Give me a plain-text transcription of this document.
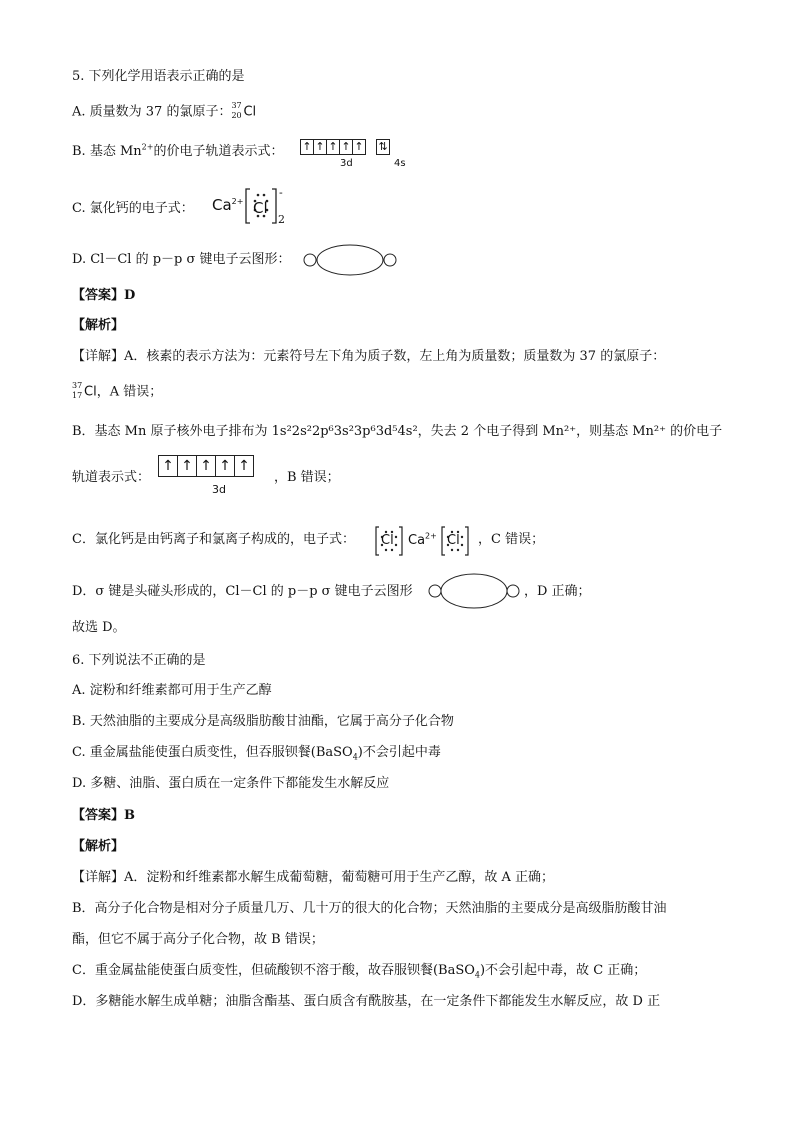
5. 下列化学用语表示正确的是
A. 质量数为 37 的氯原子： 37
20 Cl
B. 基态 $Mn^{2+}$的价电子轨道表示式： ↑ ↑ ↑ ↑ ↑ ⇅
3d	4s
C. 氯化钙的电子式： $Ca^{2+}$ Cl
-
2
D. Cl－Cl 的 p－p σ 键电子云图形：
【答案】D
【解析】
【详解】A．核素的表示方法为：元素符号左下角为质子数，左上角为质量数；质量数为 37 的氯原子：
37
17 Cl，A 错误；
B．基态 Mn 原子核外电子排布为 1s²2s²2p⁶3s²3p⁶3d⁵4s²，失去 2 个电子得到 Mn²⁺，则基态 Mn²⁺ 的价电子
轨道表示式：
↑ ↑ ↑ ↑ ↑
3d
，B 错误；
C．氯化钙是由钙离子和氯离子构成的，电子式： Cl $Ca^{2+}$ Cl ，C 错误；
D．σ 键是头碰头形成的，Cl－Cl 的 p－p σ 键电子云图形	，D 正确；
故选 D。
6. 下列说法不正确的是
A. 淀粉和纤维素都可用于生产乙醇
B. 天然油脂的主要成分是高级脂肪酸甘油酯，它属于高分子化合物
C. 重金属盐能使蛋白质变性，但吞服钡餐(BaSO$_4$)不会引起中毒
D. 多糖、油脂、蛋白质在一定条件下都能发生水解反应
【答案】B
【解析】
【详解】A．淀粉和纤维素都水解生成葡萄糖，葡萄糖可用于生产乙醇，故 A 正确；
B．高分子化合物是相对分子质量几万、几十万的很大的化合物；天然油脂的主要成分是高级脂肪酸甘油
酯，但它不属于高分子化合物，故 B 错误；
C．重金属盐能使蛋白质变性，但硫酸钡不溶于酸，故吞服钡餐(BaSO$_4$)不会引起中毒，故 C 正确；
D．多糖能水解生成单糖；油脂含酯基、蛋白质含有酰胺基，在一定条件下都能发生水解反应，故 D 正
